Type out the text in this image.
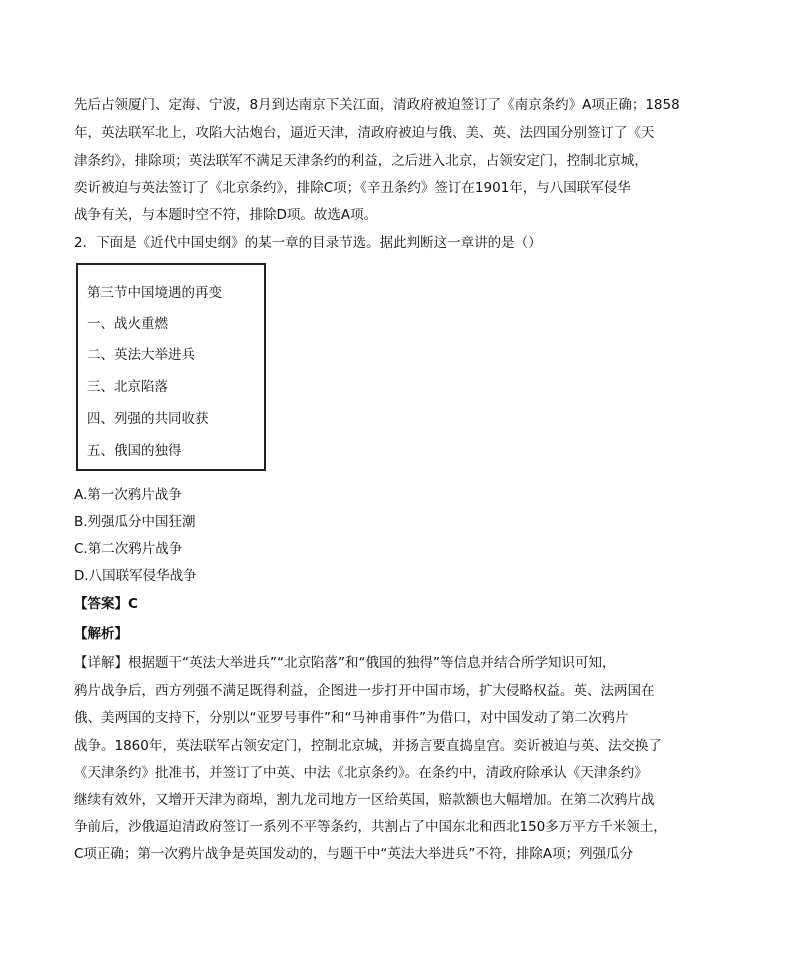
先后占领厦门、定海、宁波，8月到达南京下关江面，清政府被迫签订了《南京条约》A项正确；1858
年，英法联军北上，攻陷大沽炮台，逼近天津，清政府被迫与俄、美、英、法四国分别签订了《天
津条约》，排除项；英法联军不满足天津条约的利益，之后进入北京，占领安定门，控制北京城，
奕䜣被迫与英法签订了《北京条约》，排除C项；《辛丑条约》签订在1901年，与八国联军侵华
战争有关，与本题时空不符，排除D项。故选A项。
2．下面是《近代中国史纲》的某一章的目录节选。据此判断这一章讲的是（）
第三节中国境遇的再变
一、战火重燃
二、英法大举进兵
三、北京陷落
四、列强的共同收获
五、俄国的独得
A.第一次鸦片战争
B.列强瓜分中国狂潮
C.第二次鸦片战争
D.八国联军侵华战争
【答案】C
【解析】
【详解】根据题干“英法大举进兵”“北京陷落”和“俄国的独得”等信息并结合所学知识可知，
鸦片战争后，西方列强不满足既得利益，企图进一步打开中国市场，扩大侵略权益。英、法两国在
俄、美两国的支持下，分别以“亚罗号事件”和“马神甫事件”为借口，对中国发动了第二次鸦片
战争。1860年，英法联军占领安定门，控制北京城，并扬言要直捣皇宫。奕䜣被迫与英、法交换了
《天津条约》批准书，并签订了中英、中法《北京条约》。在条约中，清政府除承认《天津条约》
继续有效外，又增开天津为商埠，割九龙司地方一区给英国，赔款额也大幅增加。在第二次鸦片战
争前后，沙俄逼迫清政府签订一系列不平等条约，共割占了中国东北和西北150多万平方千米领土，
C项正确；第一次鸦片战争是英国发动的，与题干中“英法大举进兵”不符，排除A项；列强瓜分
